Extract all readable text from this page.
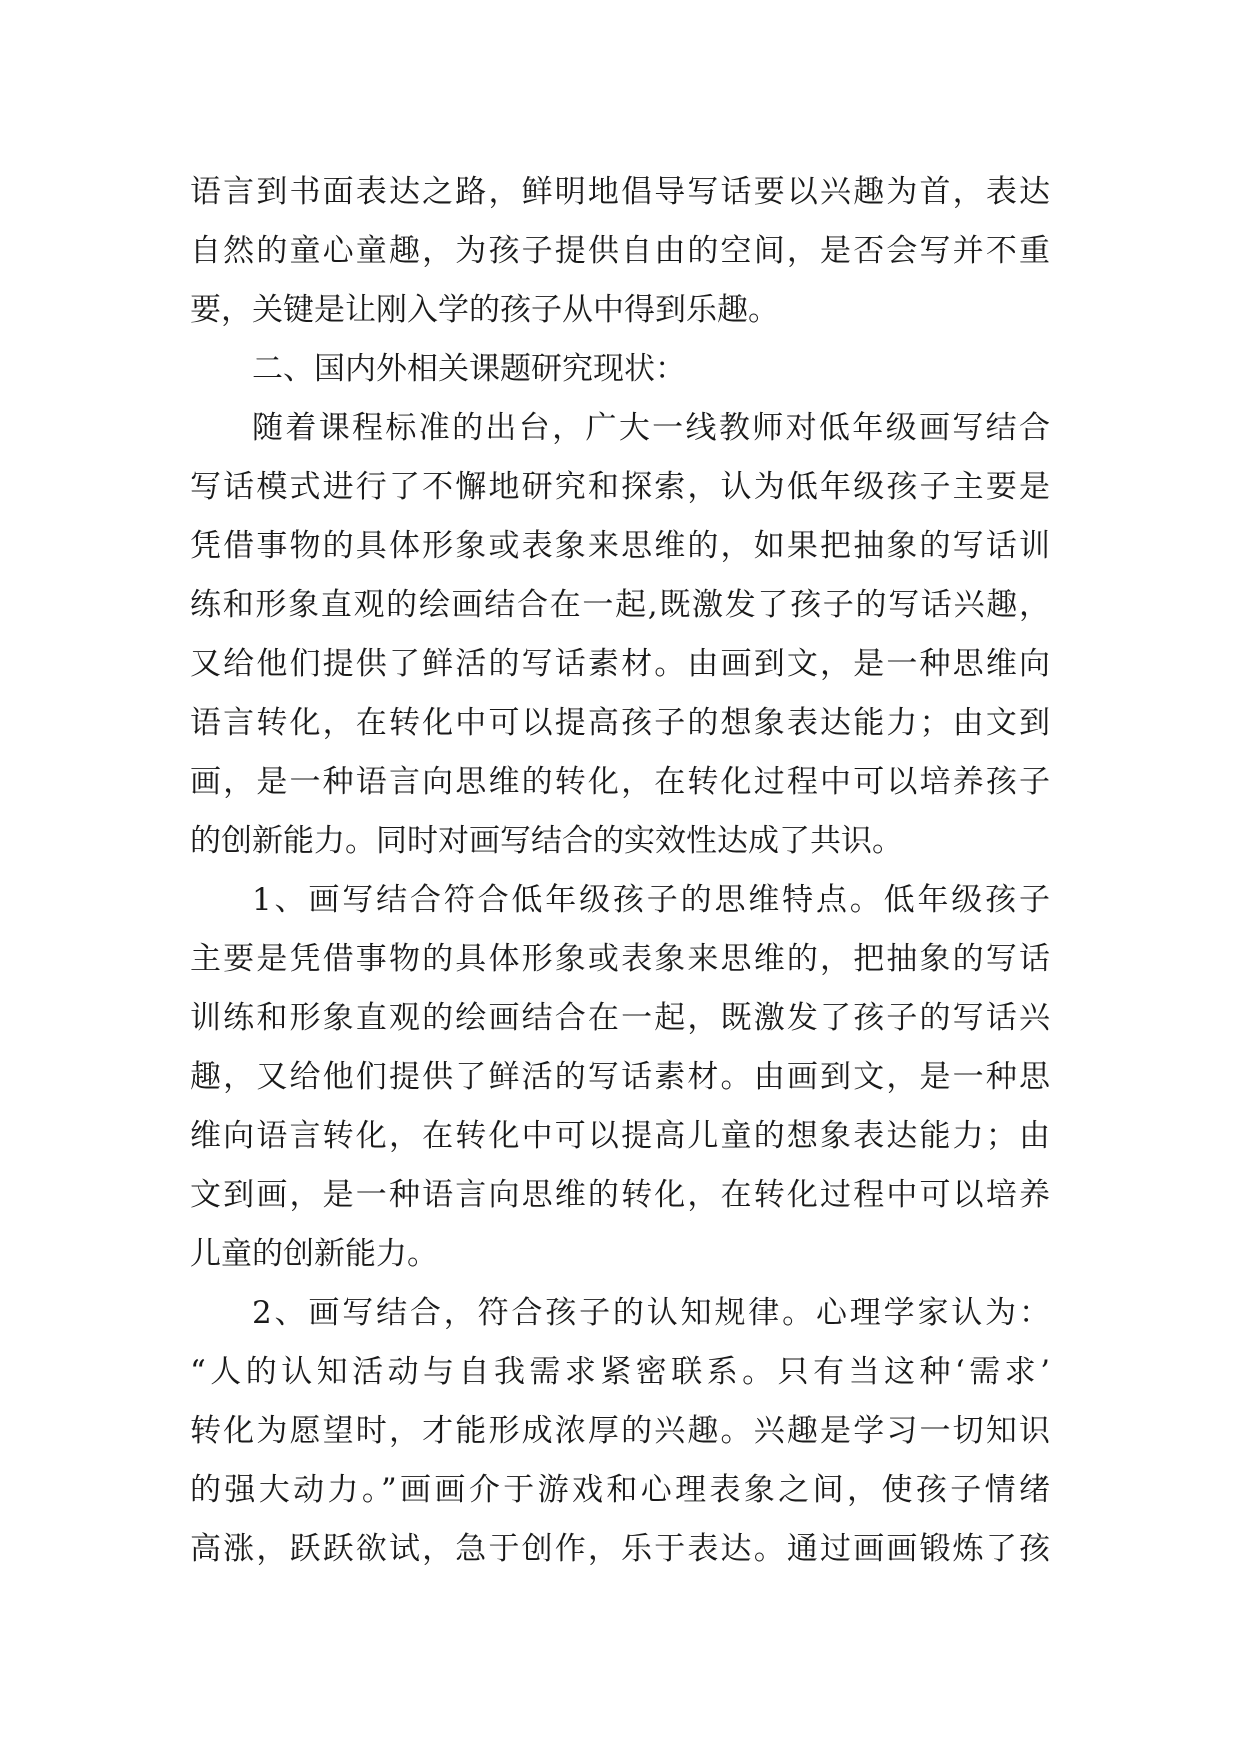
语言到书面表达之路，鲜明地倡导写话要以兴趣为首，表达
自然的童心童趣，为孩子提供自由的空间，是否会写并不重
要，关键是让刚入学的孩子从中得到乐趣。
二、国内外相关课题研究现状：
随着课程标准的出台，广大一线教师对低年级画写结合
写话模式进行了不懈地研究和探索，认为低年级孩子主要是
凭借事物的具体形象或表象来思维的，如果把抽象的写话训
练和形象直观的绘画结合在一起,既激发了孩子的写话兴趣，
又给他们提供了鲜活的写话素材。由画到文，是一种思维向
语言转化，在转化中可以提高孩子的想象表达能力；由文到
画，是一种语言向思维的转化，在转化过程中可以培养孩子
的创新能力。同时对画写结合的实效性达成了共识。
1、画写结合符合低年级孩子的思维特点。低年级孩子
主要是凭借事物的具体形象或表象来思维的，把抽象的写话
训练和形象直观的绘画结合在一起，既激发了孩子的写话兴
趣，又给他们提供了鲜活的写话素材。由画到文，是一种思
维向语言转化，在转化中可以提高儿童的想象表达能力；由
文到画，是一种语言向思维的转化，在转化过程中可以培养
儿童的创新能力。
2、画写结合，符合孩子的认知规律。心理学家认为：
“人的认知活动与自我需求紧密联系。只有当这种‘需求’
转化为愿望时，才能形成浓厚的兴趣。兴趣是学习一切知识
的强大动力。”画画介于游戏和心理表象之间，使孩子情绪
高涨，跃跃欲试，急于创作，乐于表达。通过画画锻炼了孩
